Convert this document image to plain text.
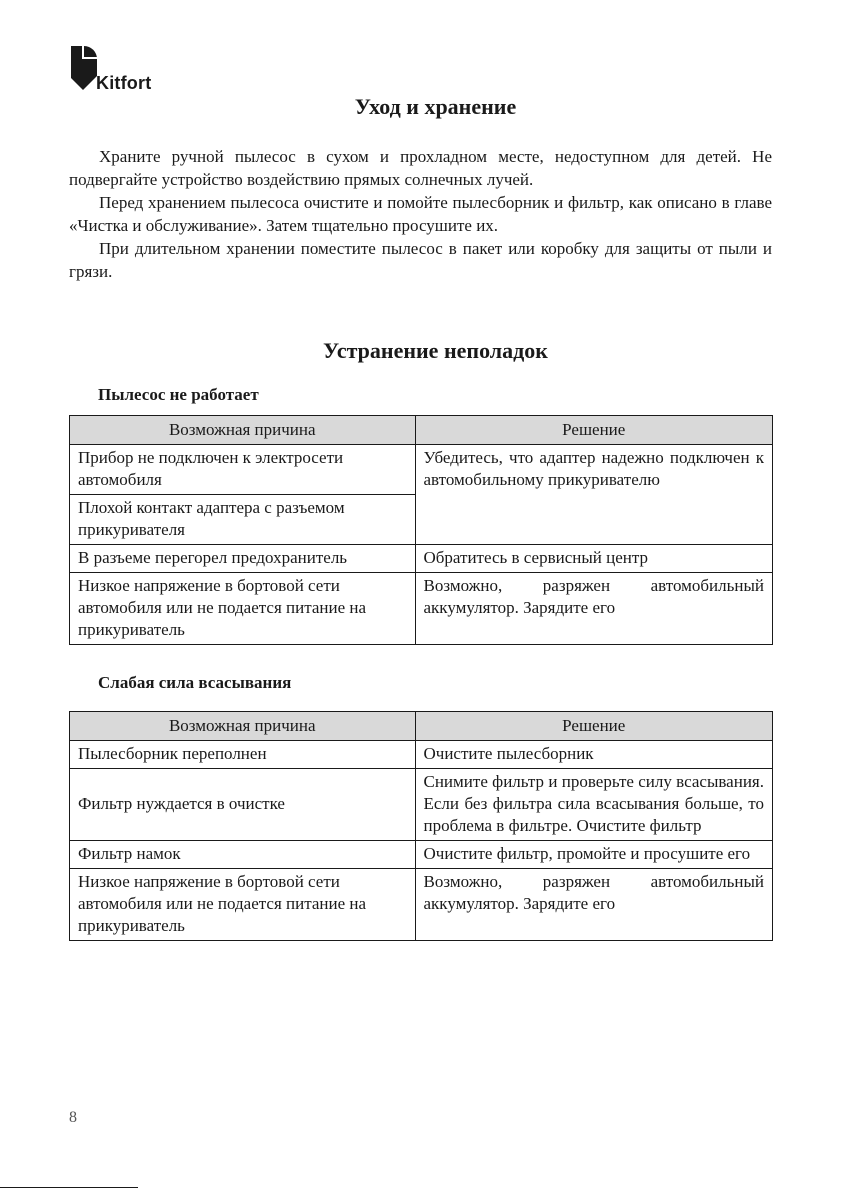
Kitfort
Уход и хранение

Храните ручной пылесос в сухом и прохладном месте, недоступном для детей. Не подвергайте устройство воздействию прямых солнечных лучей.

Перед хранением пылесоса очистите и помойте пылесборник и фильтр, как описано в главе «Чистка и обслуживание». Затем тщательно просушите их.

При длительном хранении поместите пылесос в пакет или коробку для защиты от пыли и грязи.

Устранение неполадок
Пылесос не работает
Возможная причина	Решение
Прибор не подключен к электросети автомобиля	Убедитесь, что адаптер надежно подключен к автомобильному прикуривателю
Плохой контакт адаптера с разъемом прикуривателя	
В разъеме перегорел предохранитель	Обратитесь в сервисный центр
Низкое напряжение в бортовой сети автомобиля или не подается питание на прикуриватель	Возможно, разряжен автомобильный аккумулятор. Зарядите его
Слабая сила всасывания
Возможная причина	Решение
Пылесборник переполнен	Очистите пылесборник
Фильтр нуждается в очистке	Снимите фильтр и проверьте силу всасывания. Если без фильтра сила всасывания больше, то проблема в фильтре. Очистите фильтр
Фильтр намок	Очистите фильтр, промойте и просушите его
Низкое напряжение в бортовой сети автомобиля или не подается питание на прикуриватель	Возможно, разряжен автомобильный аккумулятор. Зарядите его
8
